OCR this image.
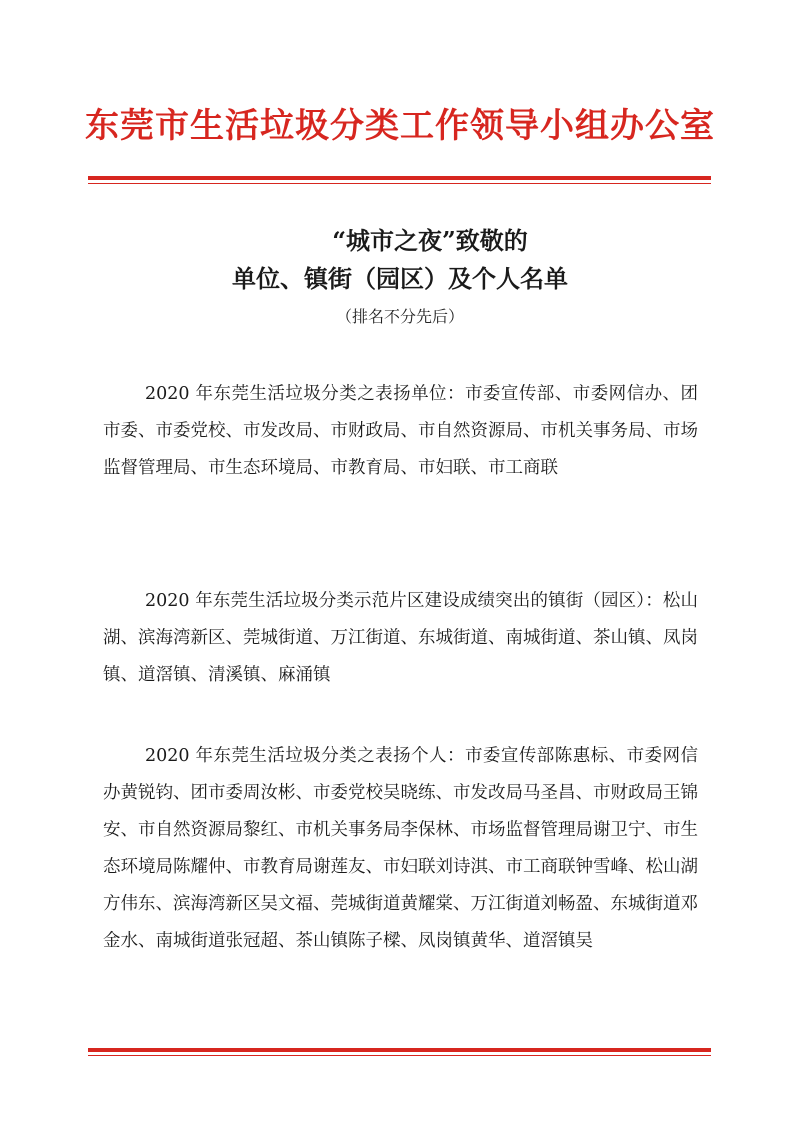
东莞市生活垃圾分类工作领导小组办公室
“城市之夜”致敬的
单位、镇街（园区）及个人名单
（排名不分先后）

2020 年东莞生活垃圾分类之表扬单位：市委宣传部、市委网信办、团市委、市委党校、市发改局、市财政局、市自然资源局、市机关事务局、市场监督管理局、市生态环境局、市教育局、市妇联、市工商联

2020 年东莞生活垃圾分类示范片区建设成绩突出的镇街（园区）：松山湖、滨海湾新区、莞城街道、万江街道、东城街道、南城街道、茶山镇、凤岗镇、道滘镇、清溪镇、麻涌镇

2020 年东莞生活垃圾分类之表扬个人：市委宣传部陈惠标、市委网信办黄锐钧、团市委周汝彬、市委党校吴晓练、市发改局马圣昌、市财政局王锦安、市自然资源局黎红、市机关事务局李保林、市场监督管理局谢卫宁、市生态环境局陈耀仲、市教育局谢莲友、市妇联刘诗淇、市工商联钟雪峰、松山湖方伟东、滨海湾新区吴文福、莞城街道黄耀棠、万江街道刘畅盈、东城街道邓金水、南城街道张冠超、茶山镇陈子樑、凤岗镇黄华、道滘镇吴
